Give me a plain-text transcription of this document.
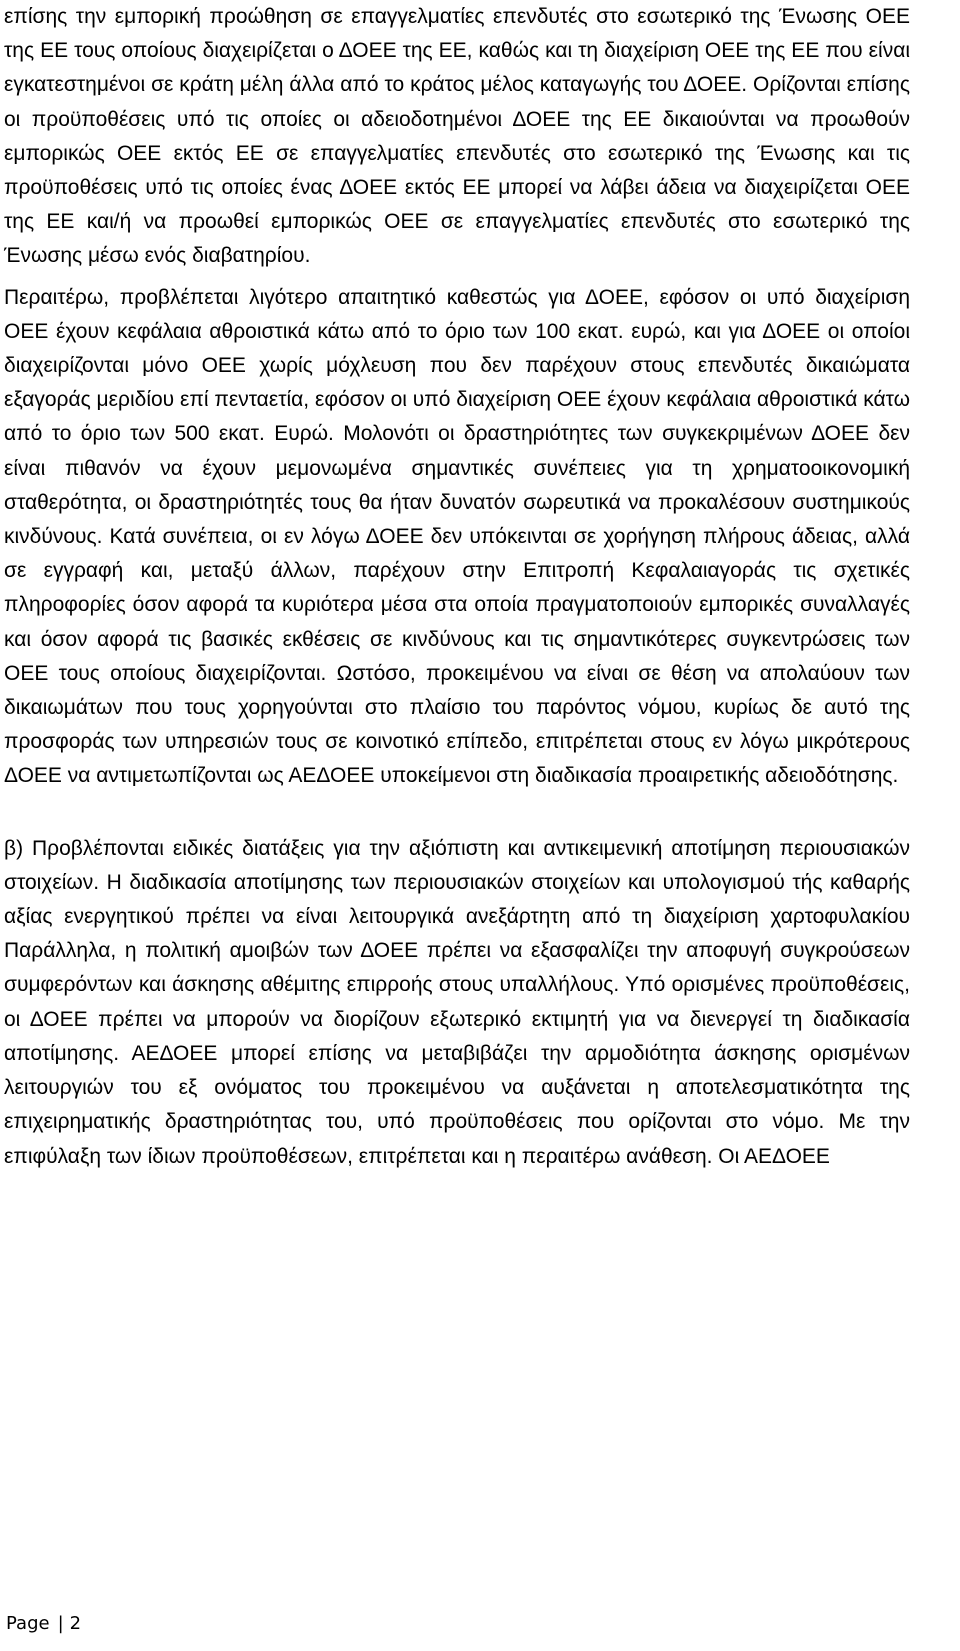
επίσης την εμπορική προώθηση σε επαγγελματίες επενδυτές στο εσωτερικό της Ένωσης ΟΕΕ της ΕΕ τους οποίους διαχειρίζεται ο ΔΟΕΕ της ΕΕ, καθώς και τη διαχείριση ΟΕΕ της ΕΕ που είναι εγκατεστημένοι σε κράτη μέλη άλλα από το κράτος μέλος καταγωγής του ΔΟΕΕ. Ορίζονται επίσης οι προϋποθέσεις υπό τις οποίες οι αδειοδοτημένοι ΔΟΕΕ της ΕΕ δικαιούνται να προωθούν εμπορικώς ΟΕΕ εκτός ΕΕ σε επαγγελματίες επενδυτές στο εσωτερικό της Ένωσης και τις προϋποθέσεις υπό τις οποίες ένας ΔΟΕΕ εκτός ΕΕ μπορεί να λάβει άδεια να διαχειρίζεται ΟΕΕ της ΕΕ και/ή να προωθεί εμπορικώς ΟΕΕ σε επαγγελματίες επενδυτές στο εσωτερικό της Ένωσης μέσω ενός διαβατηρίου.

Περαιτέρω, προβλέπεται λιγότερο απαιτητικό καθεστώς για ΔΟΕΕ, εφόσον οι υπό διαχείριση ΟΕΕ έχουν κεφάλαια αθροιστικά κάτω από το όριο των 100 εκατ. ευρώ, και για ΔΟΕΕ οι οποίοι διαχειρίζονται μόνο ΟΕΕ χωρίς μόχλευση που δεν παρέχουν στους επενδυτές δικαιώματα εξαγοράς μεριδίου επί πενταετία, εφόσον οι υπό διαχείριση ΟΕΕ έχουν κεφάλαια αθροιστικά κάτω από το όριο των 500 εκατ. Ευρώ. Μολονότι οι δραστηριότητες των συγκεκριμένων ΔΟΕΕ δεν είναι πιθανόν να έχουν μεμονωμένα σημαντικές συνέπειες για τη χρηματοοικονομική σταθερότητα, οι δραστηριότητές τους θα ήταν δυνατόν σωρευτικά να προκαλέσουν συστημικούς κινδύνους. Κατά συνέπεια, οι εν λόγω ΔΟΕΕ δεν υπόκεινται σε χορήγηση πλήρους άδειας, αλλά σε εγγραφή και, μεταξύ άλλων, παρέχουν στην Επιτροπή Κεφαλαιαγοράς τις σχετικές πληροφορίες όσον αφορά τα κυριότερα μέσα στα οποία πραγματοποιούν εμπορικές συναλλαγές και όσον αφορά τις βασικές εκθέσεις σε κινδύνους και τις σημαντικότερες συγκεντρώσεις των ΟΕΕ τους οποίους διαχειρίζονται. Ωστόσο, προκειμένου να είναι σε θέση να απολαύουν των δικαιωμάτων που τους χορηγούνται στο πλαίσιο του παρόντος νόμου, κυρίως δε αυτό της προσφοράς των υπηρεσιών τους σε κοινοτικό επίπεδο, επιτρέπεται στους εν λόγω μικρότερους ΔΟΕΕ να αντιμετωπίζονται ως ΑΕΔΟΕΕ υποκείμενοι στη διαδικασία προαιρετικής αδειοδότησης.

β) Προβλέπονται ειδικές διατάξεις για την αξιόπιστη και αντικειμενική αποτίμηση περιουσιακών στοιχείων. Η διαδικασία αποτίμησης των περιουσιακών στοιχείων και υπολογισμού τής καθαρής αξίας ενεργητικού πρέπει να είναι λειτουργικά ανεξάρτητη από τη διαχείριση χαρτοφυλακίου Παράλληλα, η πολιτική αμοιβών των ΔΟΕΕ πρέπει να εξασφαλίζει την αποφυγή συγκρούσεων συμφερόντων και άσκησης αθέμιτης επιρροής στους υπαλλήλους. Υπό ορισμένες προϋποθέσεις, οι ΔΟΕΕ πρέπει να μπορούν να διορίζουν εξωτερικό εκτιμητή για να διενεργεί τη διαδικασία αποτίμησης. ΑΕΔΟΕΕ μπορεί επίσης να μεταβιβάζει την αρμοδιότητα άσκησης ορισμένων λειτουργιών του εξ ονόματος του προκειμένου να αυξάνεται η αποτελεσματικότητα της επιχειρηματικής δραστηριότητας του, υπό προϋποθέσεις που ορίζονται στο νόμο. Με την επιφύλαξη των ίδιων προϋποθέσεων, επιτρέπεται και η περαιτέρω ανάθεση. Οι ΑΕΔΟΕΕ

Page | 2
